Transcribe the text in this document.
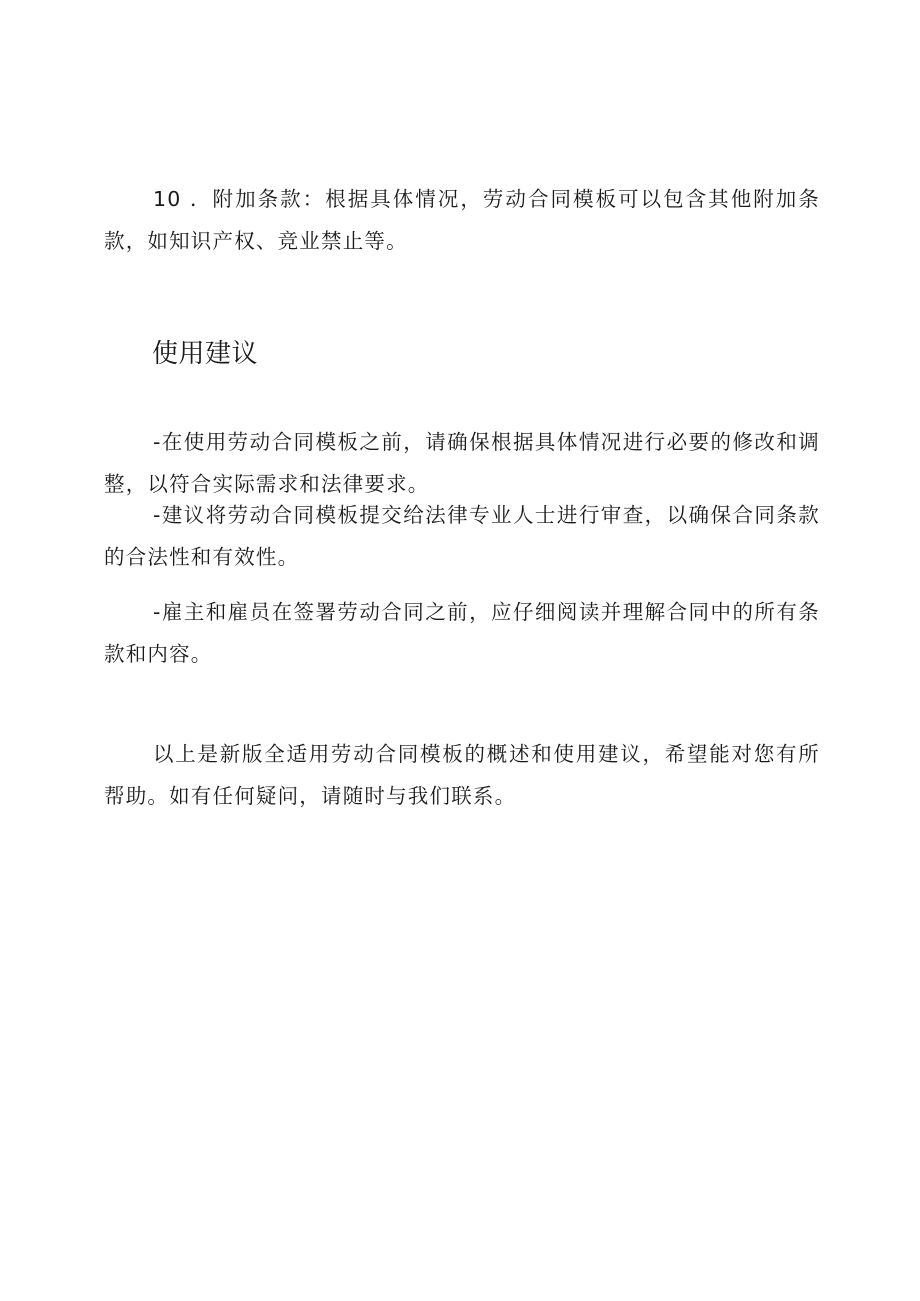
10 ．附加条款：根据具体情况，劳动合同模板可以包含其他附加条款，如知识产权、竞业禁止等。

使用建议

-在使用劳动合同模板之前，请确保根据具体情况进行必要的修改和调整，以符合实际需求和法律要求。

-建议将劳动合同模板提交给法律专业人士进行审查，以确保合同条款的合法性和有效性。

-雇主和雇员在签署劳动合同之前，应仔细阅读并理解合同中的所有条款和内容。

以上是新版全适用劳动合同模板的概述和使用建议，希望能对您有所帮助。如有任何疑问，请随时与我们联系。
